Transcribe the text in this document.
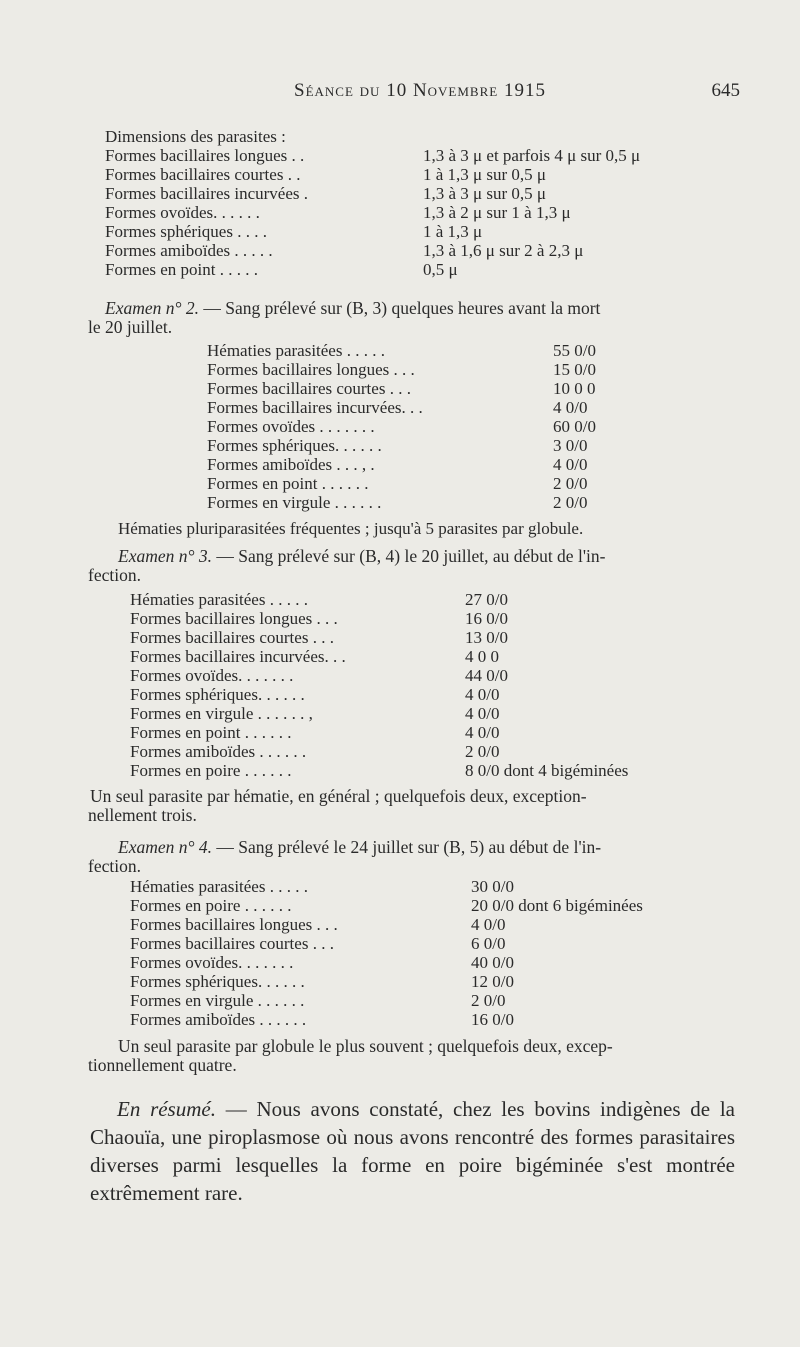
Séance du 10 Novembre 1915	645
Dimensions des parasites :
Formes bacillaires longues . .	1,3 à 3 μ et parfois 4 μ sur 0,5 μ
Formes bacillaires courtes . .	1 à 1,3 μ sur 0,5 μ
Formes bacillaires incurvées .	1,3 à 3 μ sur 0,5 μ
Formes ovoïdes. . . . . .	1,3 à 2 μ sur 1 à 1,3 μ
Formes sphériques . . . .	1 à 1,3 μ
Formes amiboïdes . . . . .	1,3 à 1,6 μ sur 2 à 2,3 μ
Formes en point . . . . .	0,5 μ
Examen n° 2. — Sang prélevé sur (B, 3) quelques heures avant la mort
le 20 juillet.
Hématies parasitées . . . . .	55 0/0
Formes bacillaires longues . . .	15 0/0
Formes bacillaires courtes . . .	10 0 0
Formes bacillaires incurvées. . .	4 0/0
Formes ovoïdes . . . . . . .	60 0/0
Formes sphériques. . . . . .	3 0/0
Formes amiboïdes . . . , .	4 0/0
Formes en point . . . . . .	2 0/0
Formes en virgule . . . . . .	2 0/0
Hématies pluriparasitées fréquentes ; jusqu'à 5 parasites par globule.
Examen n° 3. — Sang prélevé sur (B, 4) le 20 juillet, au début de l'in-
fection.
Hématies parasitées . . . . .	27 0/0
Formes bacillaires longues . . .	16 0/0
Formes bacillaires courtes . . .	13 0/0
Formes bacillaires incurvées. . .	4 0 0
Formes ovoïdes. . . . . . .	44 0/0
Formes sphériques. . . . . .	4 0/0
Formes en virgule . . . . . . ,	4 0/0
Formes en point . . . . . .	4 0/0
Formes amiboïdes . . . . . .	2 0/0
Formes en poire . . . . . .	8 0/0 dont 4 bigéminées
Un seul parasite par hématie, en général ; quelquefois deux, exception-
nellement trois.
Examen n° 4. — Sang prélevé le 24 juillet sur (B, 5) au début de l'in-
fection.
Hématies parasitées . . . . .	30 0/0
Formes en poire . . . . . .	20 0/0 dont 6 bigéminées
Formes bacillaires longues . . .	4 0/0
Formes bacillaires courtes . . .	6 0/0
Formes ovoïdes. . . . . . .	40 0/0
Formes sphériques. . . . . .	12 0/0
Formes en virgule . . . . . .	2 0/0
Formes amiboïdes . . . . . .	16 0/0
Un seul parasite par globule le plus souvent ; quelquefois deux, excep-
tionnellement quatre.

En résumé. — Nous avons constaté, chez les bovins indigènes de la Chaouïa, une piroplasmose où nous avons rencontré des formes parasitaires diverses parmi lesquelles la forme en poire bigéminée s'est montrée extrêmement rare.
